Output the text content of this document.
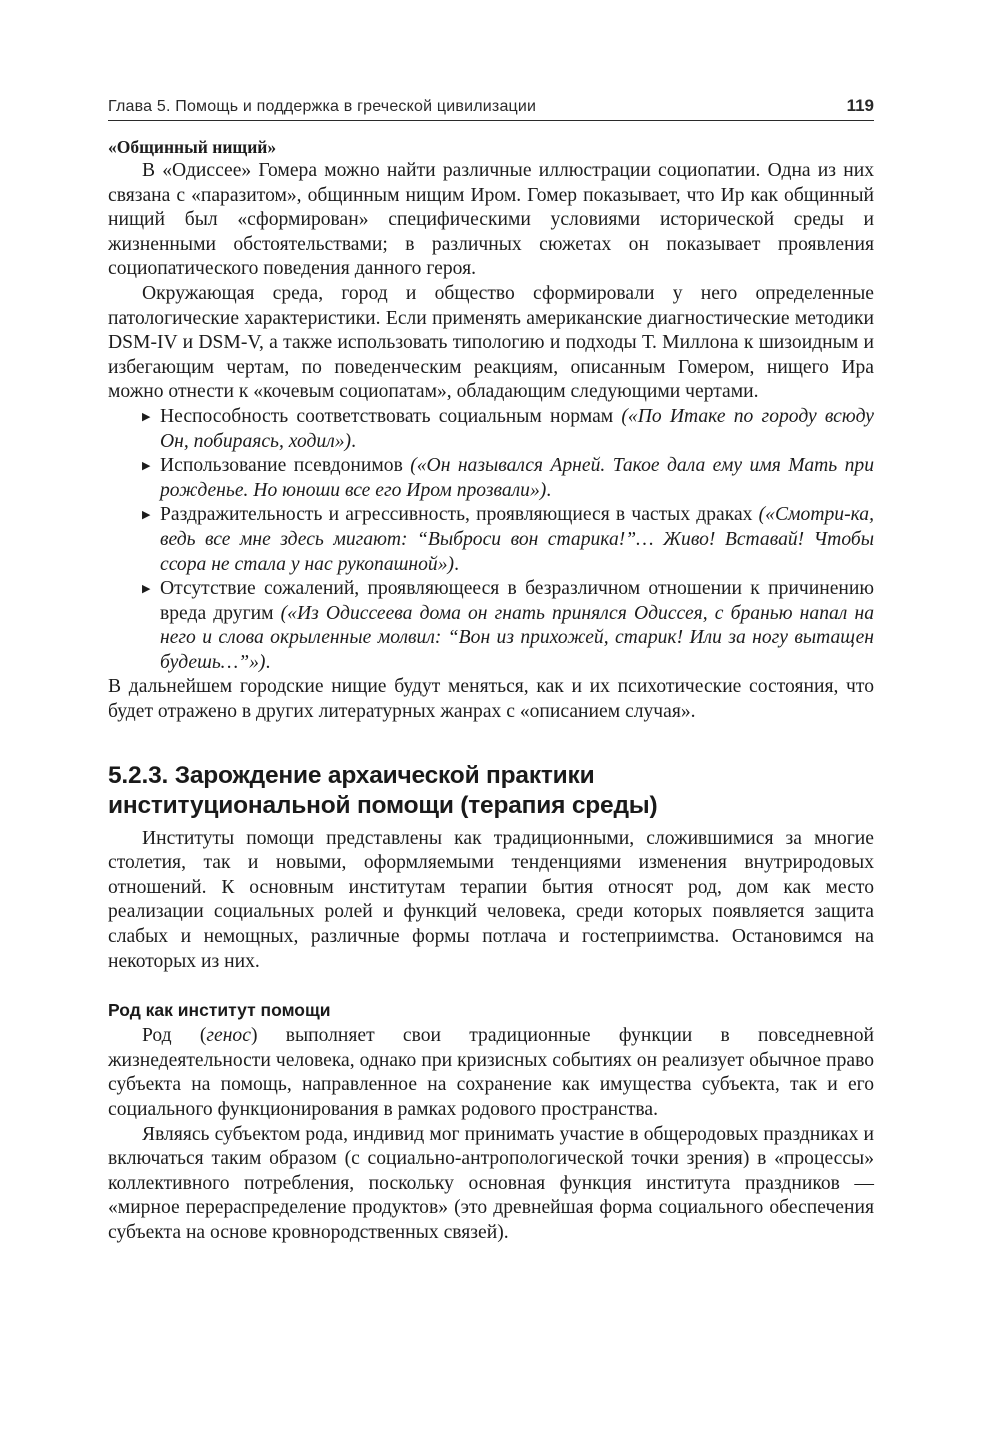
Глава 5. Помощь и поддержка в греческой цивилизации	119
«Общинный нищий»

В «Одиссее» Гомера можно найти различные иллюстрации социопатии. Одна из них связана с «паразитом», общинным нищим Иром. Гомер показывает, что Ир как общинный нищий был «сформирован» специфическими условиями исторической среды и жизненными обстоятельствами; в различных сюжетах он показывает проявления социопатического поведения данного героя.

Окружающая среда, город и общество сформировали у него определенные патологические характеристики. Если применять американские диагностические методики DSM-IV и DSM-V, а также использовать типологию и подходы Т. Миллона к шизоидным и избегающим чертам, по поведенческим реакциям, описанным Гомером, нищего Ира можно отнести к «кочевым социопатам», обладающим следующими чертами.

▶ Неспособность соответствовать социальным нормам («По Итаке по городу всюду Он, побираясь, ходил»).
▶ Использование псевдонимов («Он назывался Арней. Такое дала ему имя Мать при рожденье. Но юноши все его Иром прозвали»).
▶ Раздражительность и агрессивность, проявляющиеся в частых драках («Смотри-ка, ведь все мне здесь мигают: “Выброси вон старика!”… Живо! Вставай! Чтобы ссора не стала у нас рукопашной»).
▶ Отсутствие сожалений, проявляющееся в безразличном отношении к причинению вреда другим («Из Одиссеева дома он гнать принялся Одиссея, с бранью напал на него и слова окрыленные молвил: “Вон из прихожей, старик! Или за ногу вытащен будешь…”»).

В дальнейшем городские нищие будут меняться, как и их психотические состояния, что будет отражено в других литературных жанрах с «описанием случая».

5.2.3. Зарождение архаической практики
институциональной помощи (терапия среды)

Институты помощи представлены как традиционными, сложившимися за многие столетия, так и новыми, оформляемыми тенденциями изменения внутриродовых отношений. К основным институтам терапии бытия относят род, дом как место реализации социальных ролей и функций человека, среди которых появляется защита слабых и немощных, различные формы потлача и гостеприимства. Остановимся на некоторых из них.

Род как институт помощи

Род (генос) выполняет свои традиционные функции в повседневной жизнедеятельности человека, однако при кризисных событиях он реализует обычное право субъекта на помощь, направленное на сохранение как имущества субъекта, так и его социального функционирования в рамках родового пространства.

Являясь субъектом рода, индивид мог принимать участие в общеродовых праздниках и включаться таким образом (с социально-антропологической точки зрения) в «процессы» коллективного потребления, поскольку основная функция института праздников — «мирное перераспределение продуктов» (это древнейшая форма социального обеспечения субъекта на основе кровнородственных связей).
